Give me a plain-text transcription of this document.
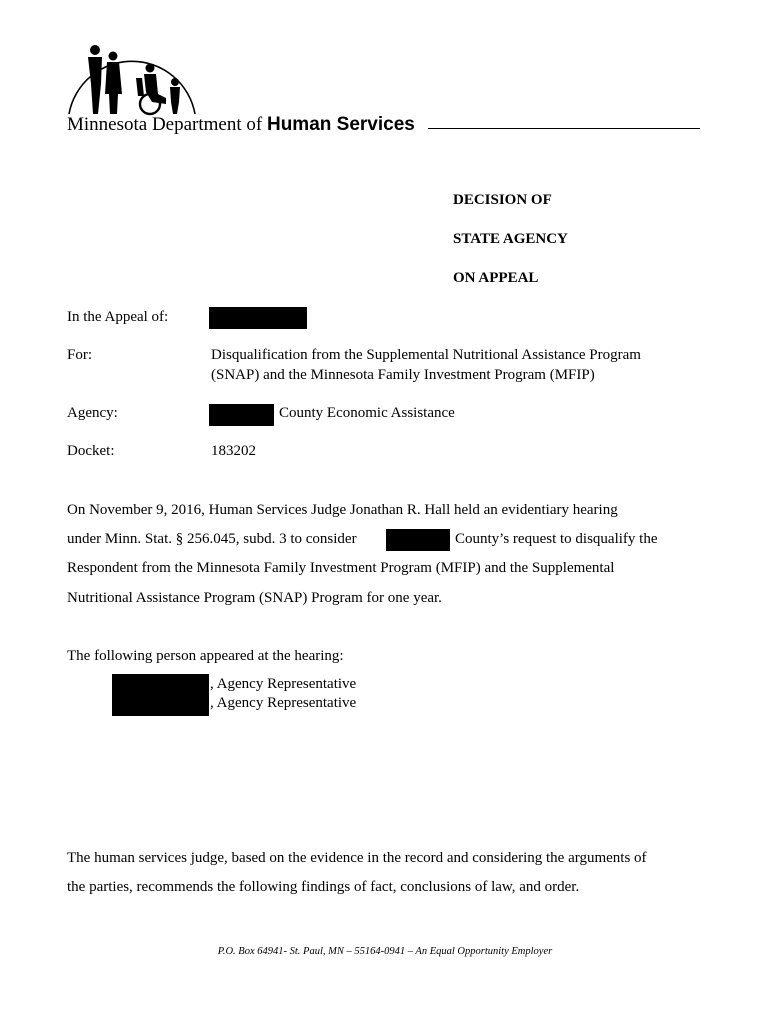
Minnesota Department of Human Services
DECISION OF
STATE AGENCY
ON APPEAL
In the Appeal of:
For:	Disqualification from the Supplemental Nutritional Assistance Program
(SNAP) and the Minnesota Family Investment Program (MFIP)
Agency:	County Economic Assistance
Docket:	183202
On November 9, 2016, Human Services Judge Jonathan R. Hall held an evidentiary hearing
under Minn. Stat. § 256.045, subd. 3 to consider	County’s request to disqualify the
Respondent from the Minnesota Family Investment Program (MFIP) and the Supplemental
Nutritional Assistance Program (SNAP) Program for one year.
The following person appeared at the hearing:
, Agency Representative
, Agency Representative
The human services judge, based on the evidence in the record and considering the arguments of
the parties, recommends the following findings of fact, conclusions of law, and order.
P.O. Box 64941- St. Paul, MN – 55164-0941 – An Equal Opportunity Employer
